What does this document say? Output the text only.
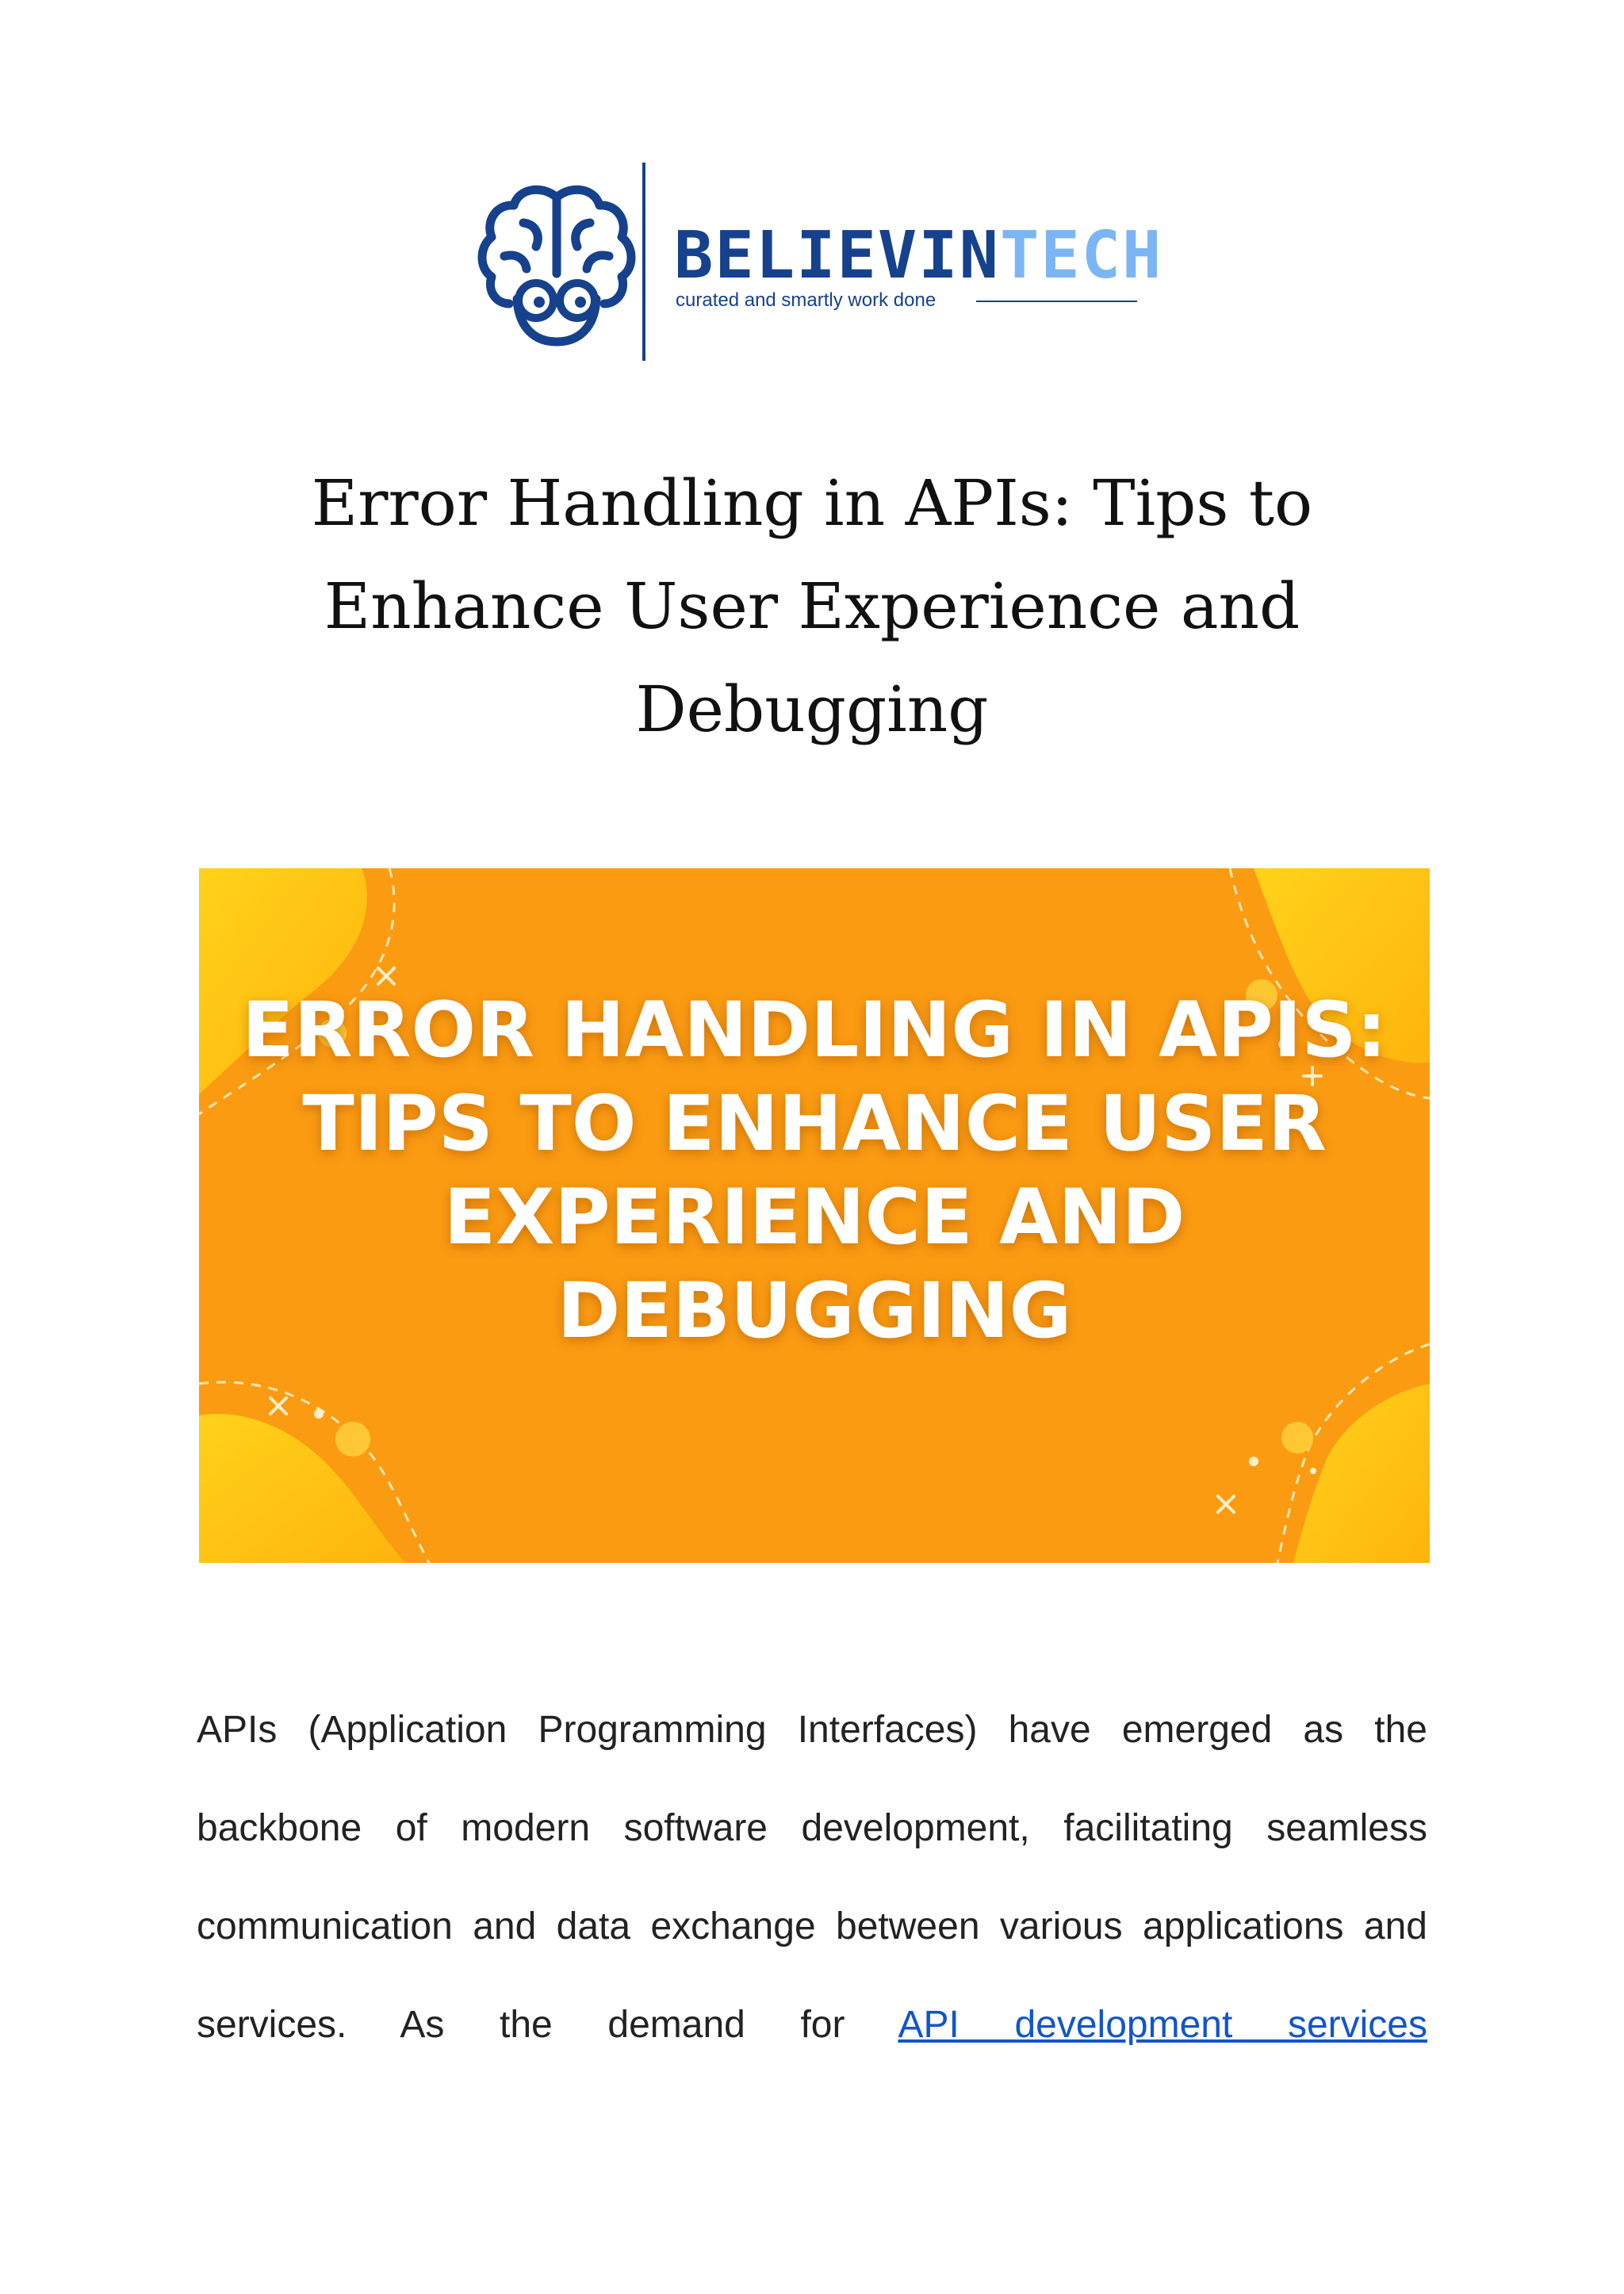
BELIEVINTECH
curated and smartly work done
Error Handling in APIs: Tips to Enhance User Experience and Debugging

ERROR HANDLING IN APIS: TIPS TO ENHANCE USER EXPERIENCE AND DEBUGGING

APIs (Application Programming Interfaces) have emerged as the backbone of modern software development, facilitating seamless communication and data exchange between various applications and services. As the demand for API development services
